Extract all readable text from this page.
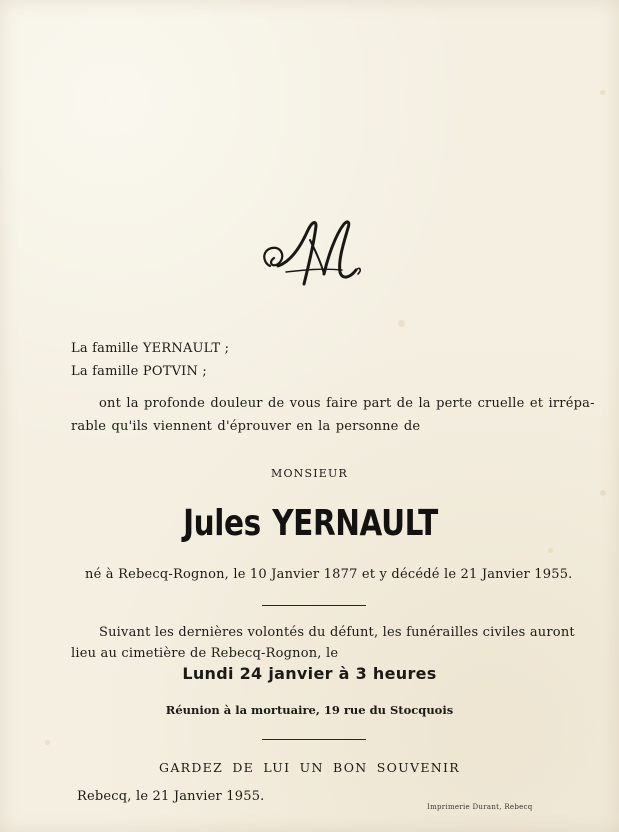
La famille YERNAULT ;
La famille POTVIN ;
ont la profonde douleur de vous faire part de la perte cruelle et irrépa-
rable qu'ils viennent d'éprouver en la personne de
MONSIEUR
Jules YERNAULT
né à Rebecq-Rognon, le 10 Janvier 1877 et y décédé le 21 Janvier 1955.
Suivant les dernières volontés du défunt, les funérailles civiles auront
lieu au cimetière de Rebecq-Rognon, le
Lundi 24 janvier à 3 heures
Réunion à la mortuaire, 19 rue du Stocquois
GARDEZ DE LUI UN BON SOUVENIR
Rebecq, le 21 Janvier 1955.
Imprimerie Durant, Rebecq
